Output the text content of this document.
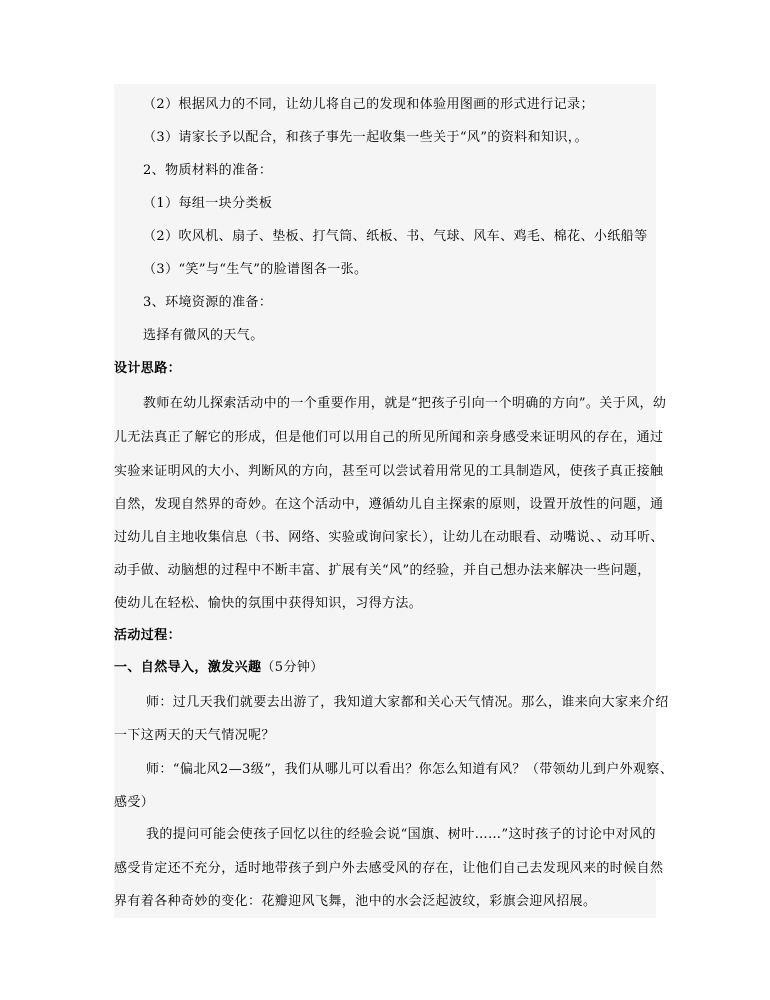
（2）根据风力的不同，让幼儿将自己的发现和体验用图画的形式进行记录；
（3）请家长予以配合，和孩子事先一起收集一些关于“风”的资料和知识，。
2、物质材料的准备：
（1）每组一块分类板
（2）吹风机、扇子、垫板、打气筒、纸板、书、气球、风车、鸡毛、棉花、小纸船等
（3）“笑”与“生气”的脸谱图各一张。
3、环境资源的准备：
选择有微风的天气。
设计思路：
教师在幼儿探索活动中的一个重要作用，就是“把孩子引向一个明确的方向”。关于风，幼
儿无法真正了解它的形成，但是他们可以用自己的所见所闻和亲身感受来证明风的存在，通过
实验来证明风的大小、判断风的方向，甚至可以尝试着用常见的工具制造风，使孩子真正接触
自然，发现自然界的奇妙。在这个活动中，遵循幼儿自主探索的原则，设置开放性的问题，通
过幼儿自主地收集信息（书、网络、实验或询问家长），让幼儿在动眼看、动嘴说、、动耳听、
动手做、动脑想的过程中不断丰富、扩展有关“风”的经验，并自己想办法来解决一些问题，
使幼儿在轻松、愉快的氛围中获得知识，习得方法。
活动过程：
一、自然导入，激发兴趣（5分钟）
师：过几天我们就要去出游了，我知道大家都和关心天气情况。那么，谁来向大家来介绍
一下这两天的天气情况呢？
师：“偏北风2—3级”，我们从哪儿可以看出？你怎么知道有风？（带领幼儿到户外观察、
感受）
我的提问可能会使孩子回忆以往的经验会说“国旗、树叶……”这时孩子的讨论中对风的
感受肯定还不充分，适时地带孩子到户外去感受风的存在，让他们自己去发现风来的时候自然
界有着各种奇妙的变化：花瓣迎风飞舞，池中的水会泛起波纹，彩旗会迎风招展。
